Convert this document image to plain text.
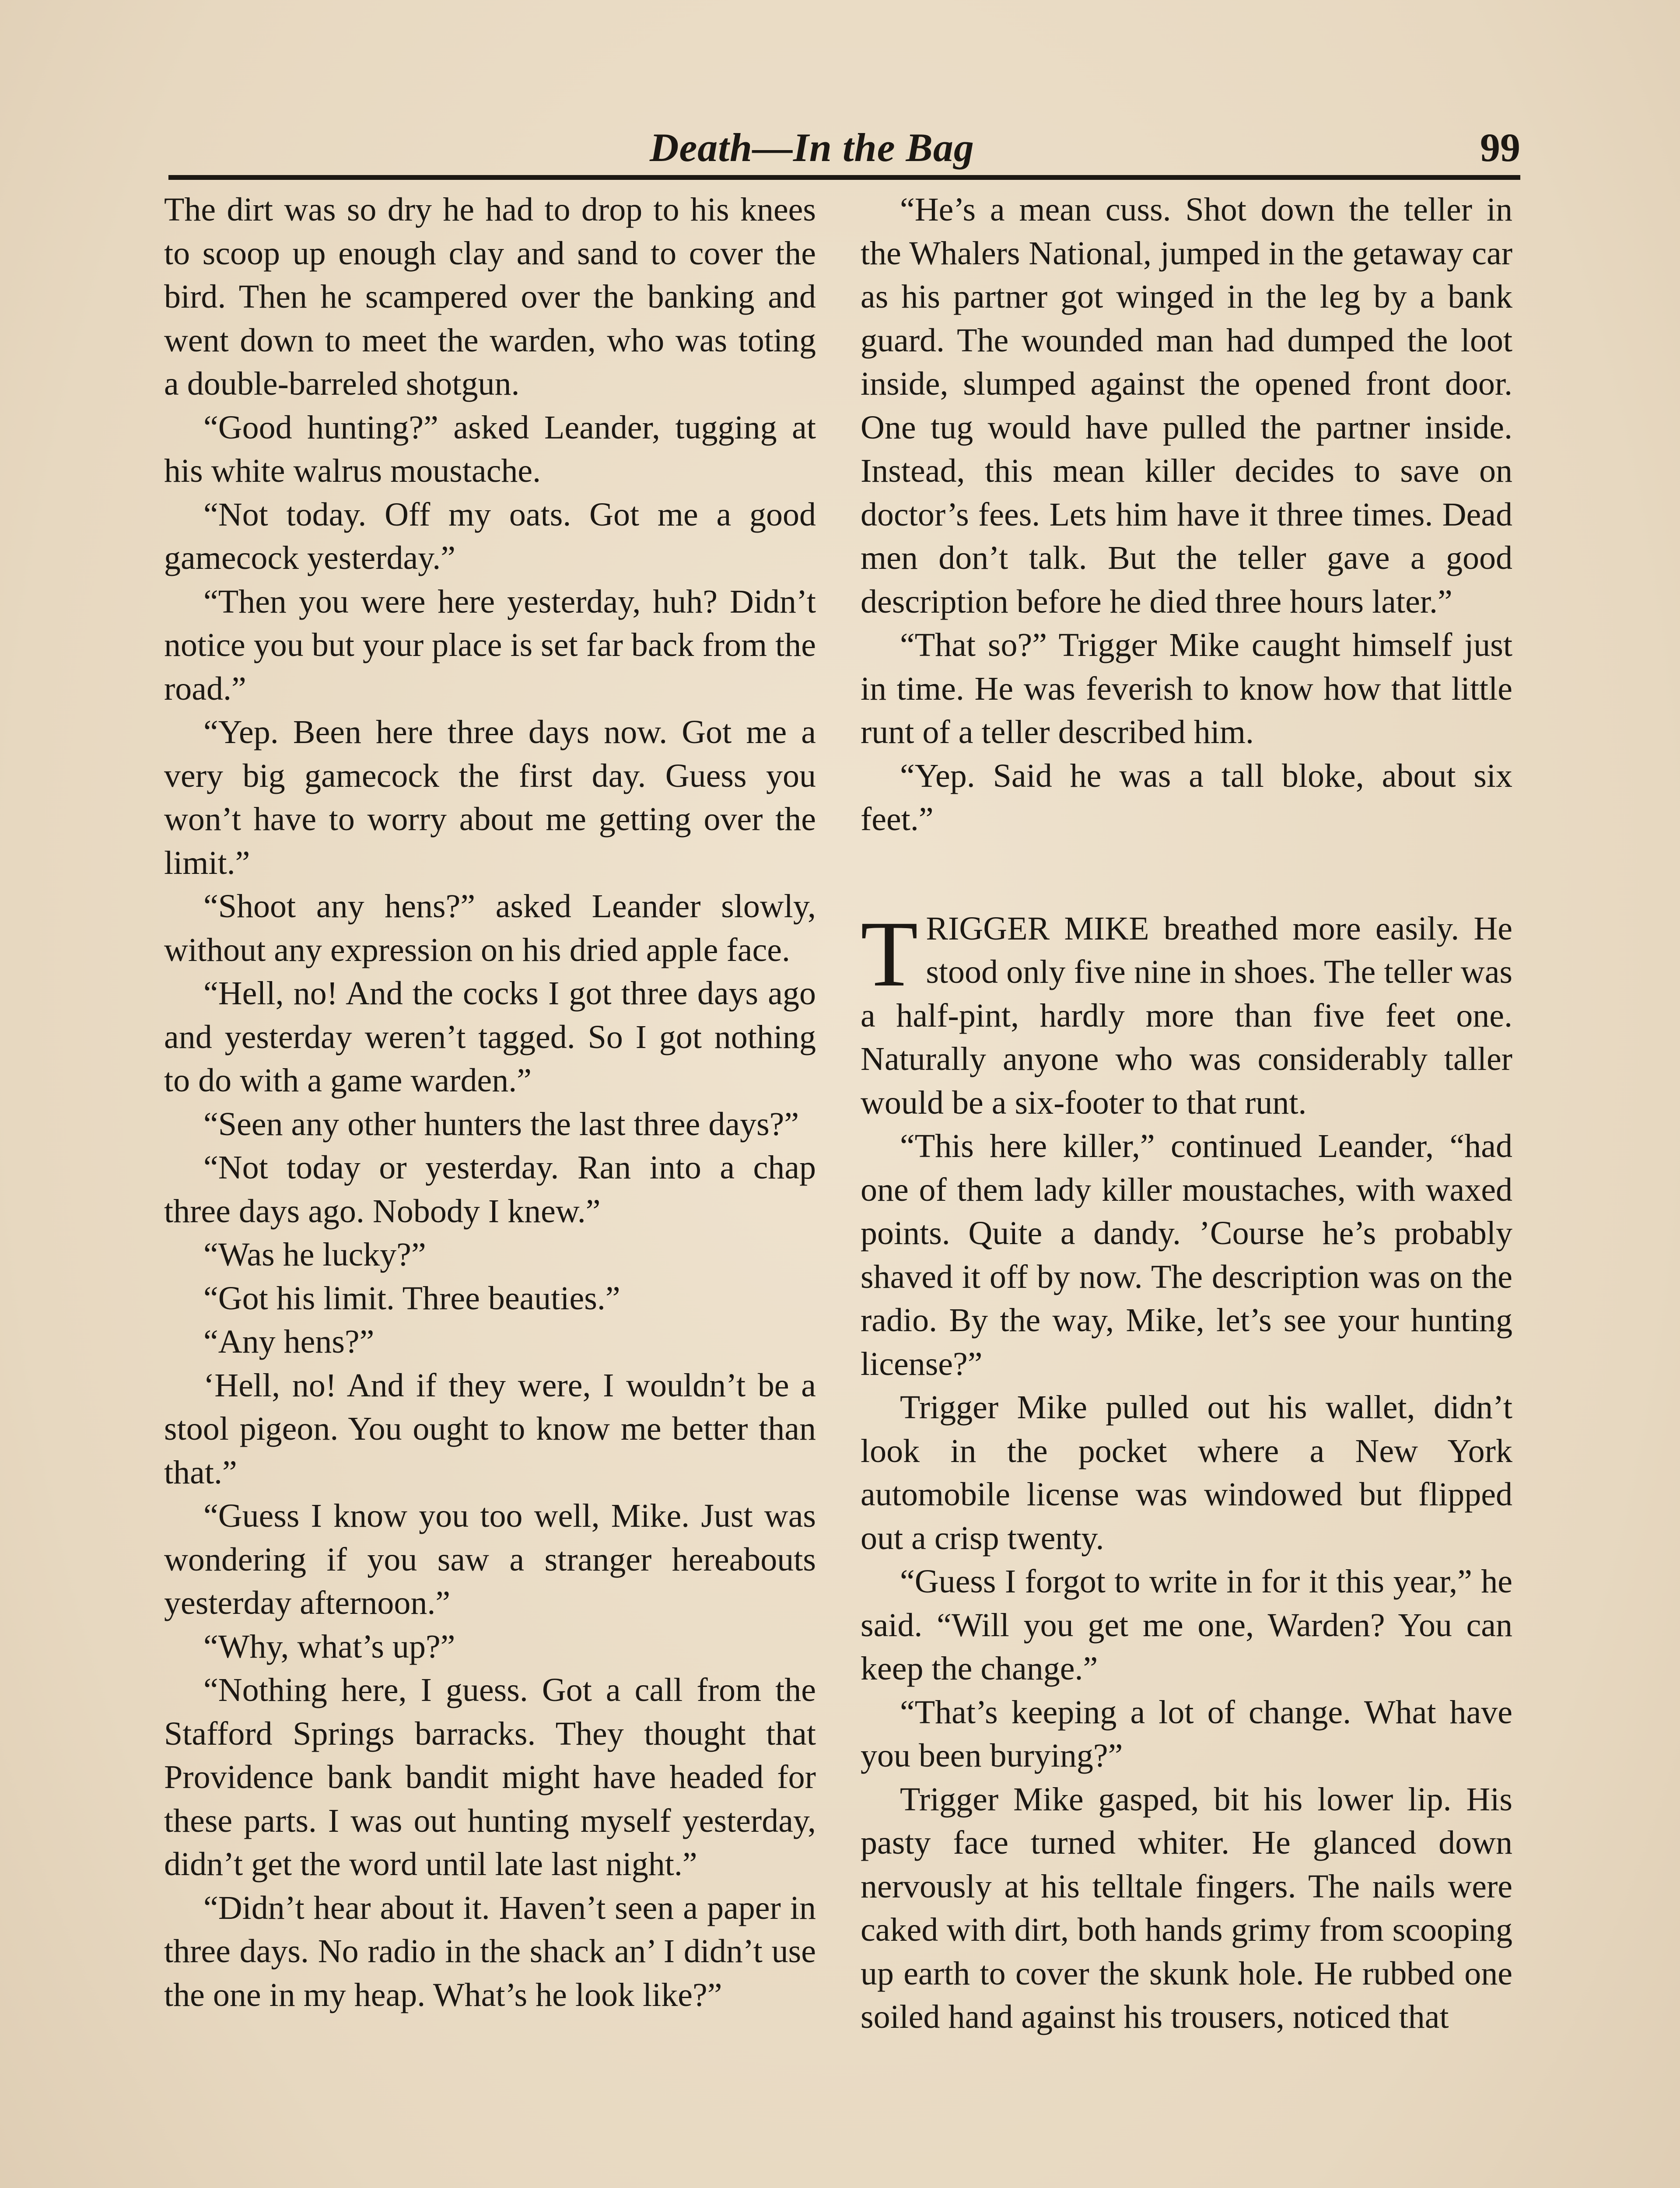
Death—In the Bag	99

The dirt was so dry he had to drop to his knees to scoop up enough clay and sand to cover the bird. Then he scampered over the banking and went down to meet the warden, who was toting a double-barreled shotgun.

“Good hunting?” asked Leander, tugging at his white walrus moustache.

“Not today. Off my oats. Got me a good gamecock yesterday.”

“Then you were here yesterday, huh? Didn’t notice you but your place is set far back from the road.”

“Yep. Been here three days now. Got me a very big gamecock the first day. Guess you won’t have to worry about me getting over the limit.”

“Shoot any hens?” asked Leander slowly, without any expression on his dried apple face.

“Hell, no! And the cocks I got three days ago and yesterday weren’t tagged. So I got nothing to do with a game warden.”

“Seen any other hunters the last three days?”

“Not today or yesterday. Ran into a chap three days ago. Nobody I knew.”

“Was he lucky?”

“Got his limit. Three beauties.”

“Any hens?”

‘Hell, no! And if they were, I wouldn’t be a stool pigeon. You ought to know me better than that.”

“Guess I know you too well, Mike. Just was wondering if you saw a stranger hereabouts yesterday afternoon.”

“Why, what’s up?”

“Nothing here, I guess. Got a call from the Stafford Springs barracks. They thought that Providence bank bandit might have headed for these parts. I was out hunting myself yesterday, didn’t get the word until late last night.”

“Didn’t hear about it. Haven’t seen a paper in three days. No radio in the shack an’ I didn’t use the one in my heap. What’s he look like?”

“He’s a mean cuss. Shot down the teller in the Whalers National, jumped in the getaway car as his partner got winged in the leg by a bank guard. The wounded man had dumped the loot inside, slumped against the opened front door. One tug would have pulled the partner inside. Instead, this mean killer decides to save on doctor’s fees. Lets him have it three times. Dead men don’t talk. But the teller gave a good description before he died three hours later.”

“That so?” Trigger Mike caught himself just in time. He was feverish to know how that little runt of a teller described him.

“Yep. Said he was a tall bloke, about six feet.”

TRIGGER MIKE breathed more easily. He stood only five nine in shoes. The teller was a half-pint, hardly more than five feet one. Naturally anyone who was considerably taller would be a six-footer to that runt.

“This here killer,” continued Leander, “had one of them lady killer moustaches, with waxed points. Quite a dandy. ’Course he’s probably shaved it off by now. The description was on the radio. By the way, Mike, let’s see your hunting license?”

Trigger Mike pulled out his wallet, didn’t look in the pocket where a New York automobile license was windowed but flipped out a crisp twenty.

“Guess I forgot to write in for it this year,” he said. “Will you get me one, Warden? You can keep the change.”

“That’s keeping a lot of change. What have you been burying?”

Trigger Mike gasped, bit his lower lip. His pasty face turned whiter. He glanced down nervously at his telltale fingers. The nails were caked with dirt, both hands grimy from scooping up earth to cover the skunk hole. He rubbed one soiled hand against his trousers, noticed that
